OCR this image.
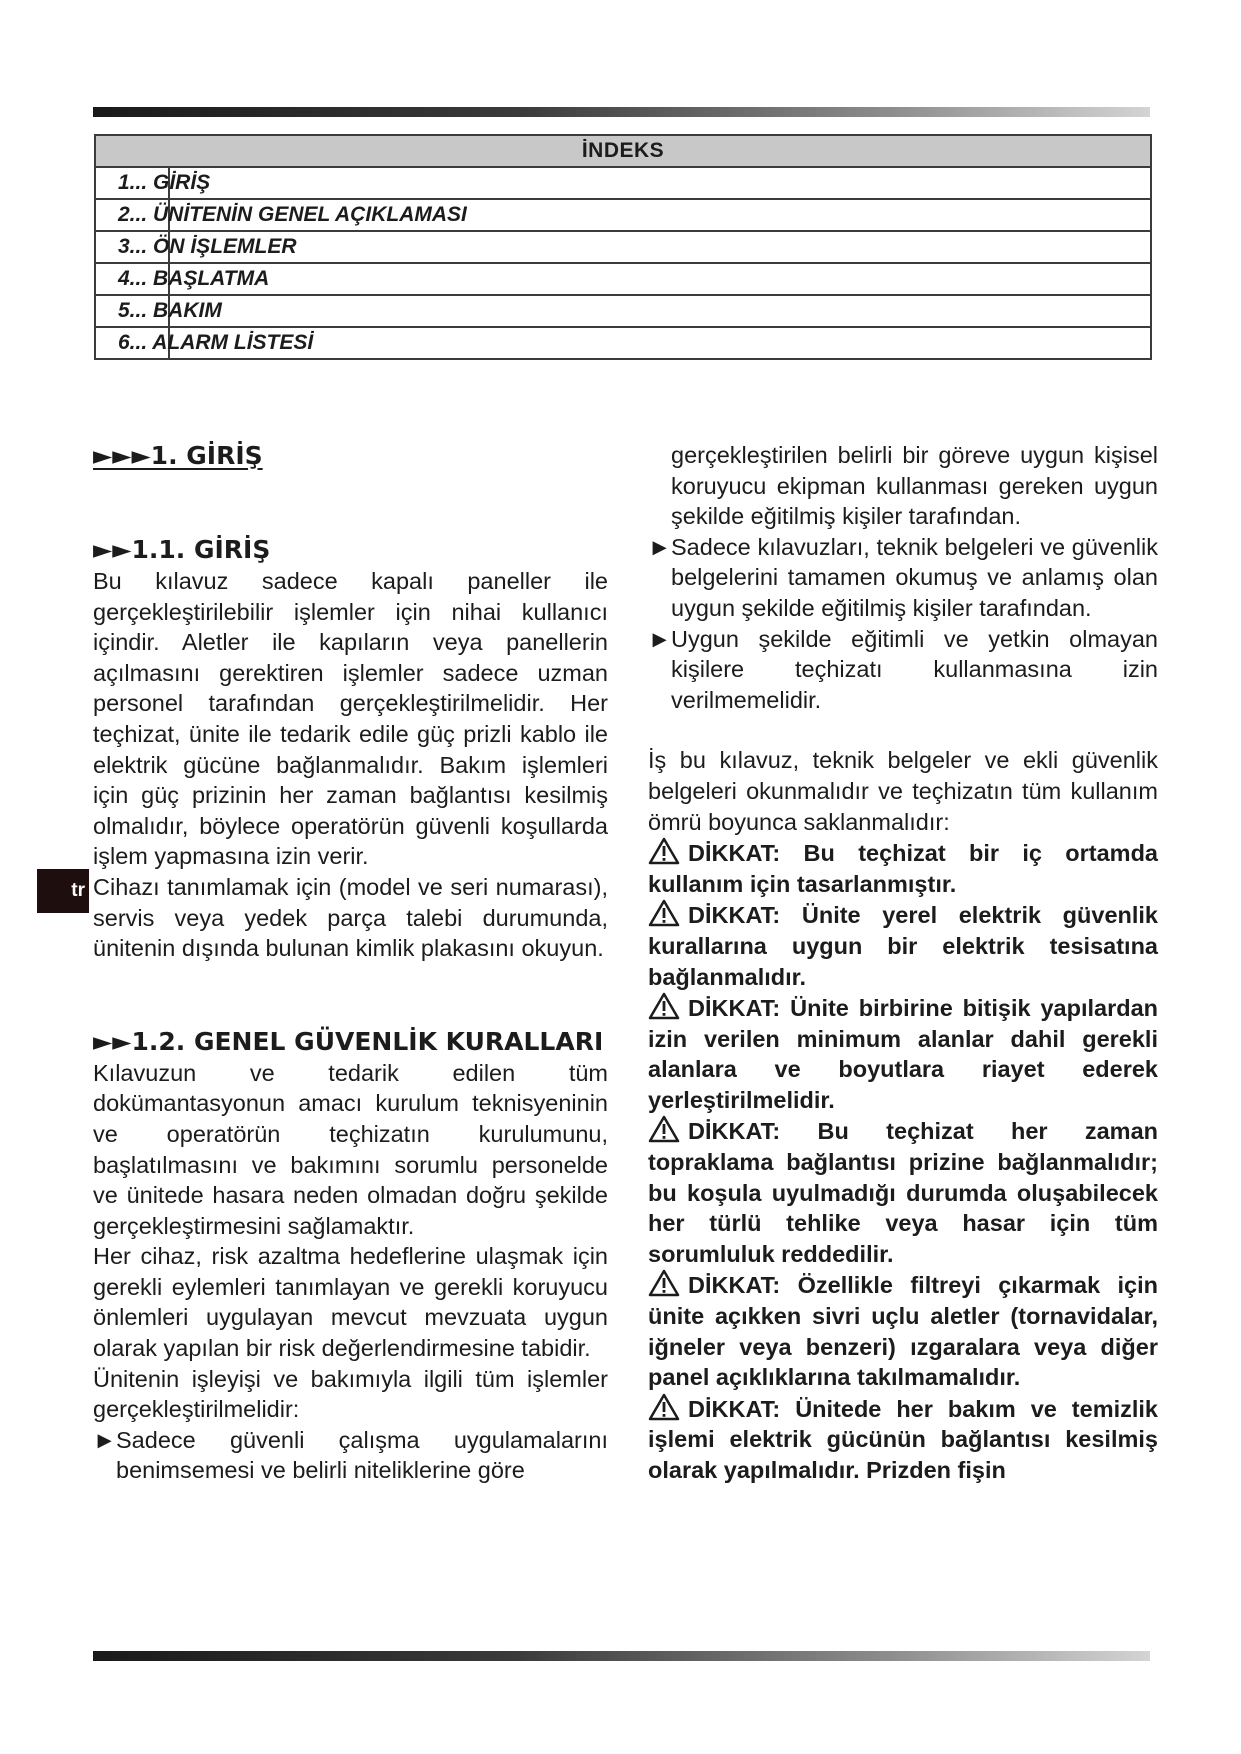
İNDEKS
1... GİRİŞ
2... ÜNİTENİN GENEL AÇIKLAMASI
3... ÖN İŞLEMLER
4... BAŞLATMA
5... BAKIM
6... ALARM LİSTESİ
tr

►►►1. GİRİŞ

►►1.1. GİRİŞ

Bu kılavuz sadece kapalı paneller ile gerçekleştirilebilir işlemler için nihai kullanıcı içindir. Aletler ile kapıların veya panellerin açılmasını gerektiren işlemler sadece uzman personel tarafından gerçekleştirilmelidir. Her teçhizat, ünite ile tedarik edile güç prizli kablo ile elektrik gücüne bağlanmalıdır. Bakım işlemleri için güç prizinin her zaman bağlantısı kesilmiş olmalıdır, böylece operatörün güvenli koşullarda işlem yapmasına izin verir.

Cihazı tanımlamak için (model ve seri numarası), servis veya yedek parça talebi durumunda, ünitenin dışında bulunan kimlik plakasını okuyun.

►►1.2. GENEL GÜVENLİK KURALLARI

Kılavuzun ve tedarik edilen tüm dokümantasyonun amacı kurulum teknisyeninin ve operatörün teçhizatın kurulumunu, başlatılmasını ve bakımını sorumlu personelde ve ünitede hasara neden olmadan doğru şekilde gerçekleştirmesini sağlamaktır.

Her cihaz, risk azaltma hedeflerine ulaşmak için gerekli eylemleri tanımlayan ve gerekli koruyucu önlemleri uygulayan mevcut mevzuata uygun olarak yapılan bir risk değerlendirmesine tabidir.

Ünitenin işleyişi ve bakımıyla ilgili tüm işlemler gerçekleştirilmelidir:

► Sadece güvenli çalışma uygulamalarını benimsemesi ve belirli niteliklerine göre

gerçekleştirilen belirli bir göreve uygun kişisel koruyucu ekipman kullanması gereken uygun şekilde eğitilmiş kişiler tarafından.

► Sadece kılavuzları, teknik belgeleri ve güvenlik belgelerini tamamen okumuş ve anlamış olan uygun şekilde eğitilmiş kişiler tarafından.
► Uygun şekilde eğitimli ve yetkin olmayan kişilere teçhizatı kullanmasına izin verilmemelidir.

İş bu kılavuz, teknik belgeler ve ekli güvenlik belgeleri okunmalıdır ve teçhizatın tüm kullanım ömrü boyunca saklanmalıdır:

DİKKAT: Bu teçhizat bir iç ortamda kullanım için tasarlanmıştır.

DİKKAT: Ünite yerel elektrik güvenlik kurallarına uygun bir elektrik tesisatına bağlanmalıdır.

DİKKAT: Ünite birbirine bitişik yapılardan izin verilen minimum alanlar dahil gerekli alanlara ve boyutlara riayet ederek yerleştirilmelidir.

DİKKAT: Bu teçhizat her zaman topraklama bağlantısı prizine bağlanmalıdır; bu koşula uyulmadığı durumda oluşabilecek her türlü tehlike veya hasar için tüm sorumluluk reddedilir.

DİKKAT: Özellikle filtreyi çıkarmak için ünite açıkken sivri uçlu aletler (tornavidalar, iğneler veya benzeri) ızgaralara veya diğer panel açıklıklarına takılmamalıdır.

DİKKAT: Ünitede her bakım ve temizlik işlemi elektrik gücünün bağlantısı kesilmiş olarak yapılmalıdır. Prizden fişin
